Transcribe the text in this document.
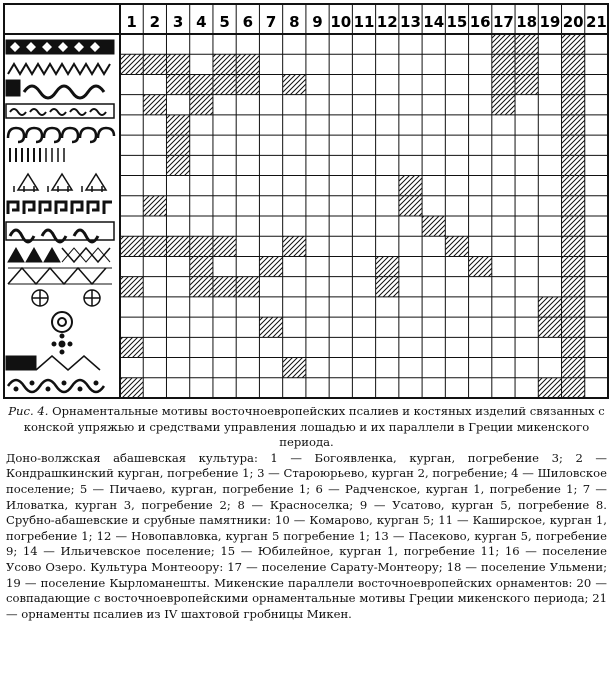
1 2 3 4 5 6 7 8 9 10 11 12 13 14 15 16 17 18 19 20 21
Рис. 4. Орнаментальные мотивы восточноевропейских псалиев и костяных изделий связанных с конской упряжью и средствами управления лошадью и их параллели в Греции микенского периода.
Доно-волжская абашевская культура: 1 — Богоявленка, курган, погребение 3; 2 — Кондрашкинский курган, погребение 1; 3 — Староюрьево, курган 2, погребение; 4 — Шиловское поселение; 5 — Пичаево, курган, погребение 1; 6 — Радченское, курган 1, погребение 1; 7 — Иловатка, курган 3, погребение 2; 8 — Красноселка; 9 — Усатово, курган 5, погребение 8. Срубно-абашевские и срубные памятники: 10 — Комарово, курган 5; 11 — Каширское, курган 1, погребение 1; 12 — Новопавловка, курган 5 погребение 1; 13 — Пасеково, курган 5, погребение 9; 14 — Ильичевское поселение; 15 — Юбилейное, курган 1, погребение 11; 16 — поселение Усово Озеро. Культура Монтеоору: 17 — поселение Сарату-Монтеору; 18 — поселение Ульмени; 19 — поселение Кырломанешты. Микенские параллели восточноевропейских орнаментов: 20 — совпадающие с восточноевропейскими орнаментальные мотивы Греции микенского периода; 21 — орнаменты псалиев из IV шахтовой гробницы Микен.
